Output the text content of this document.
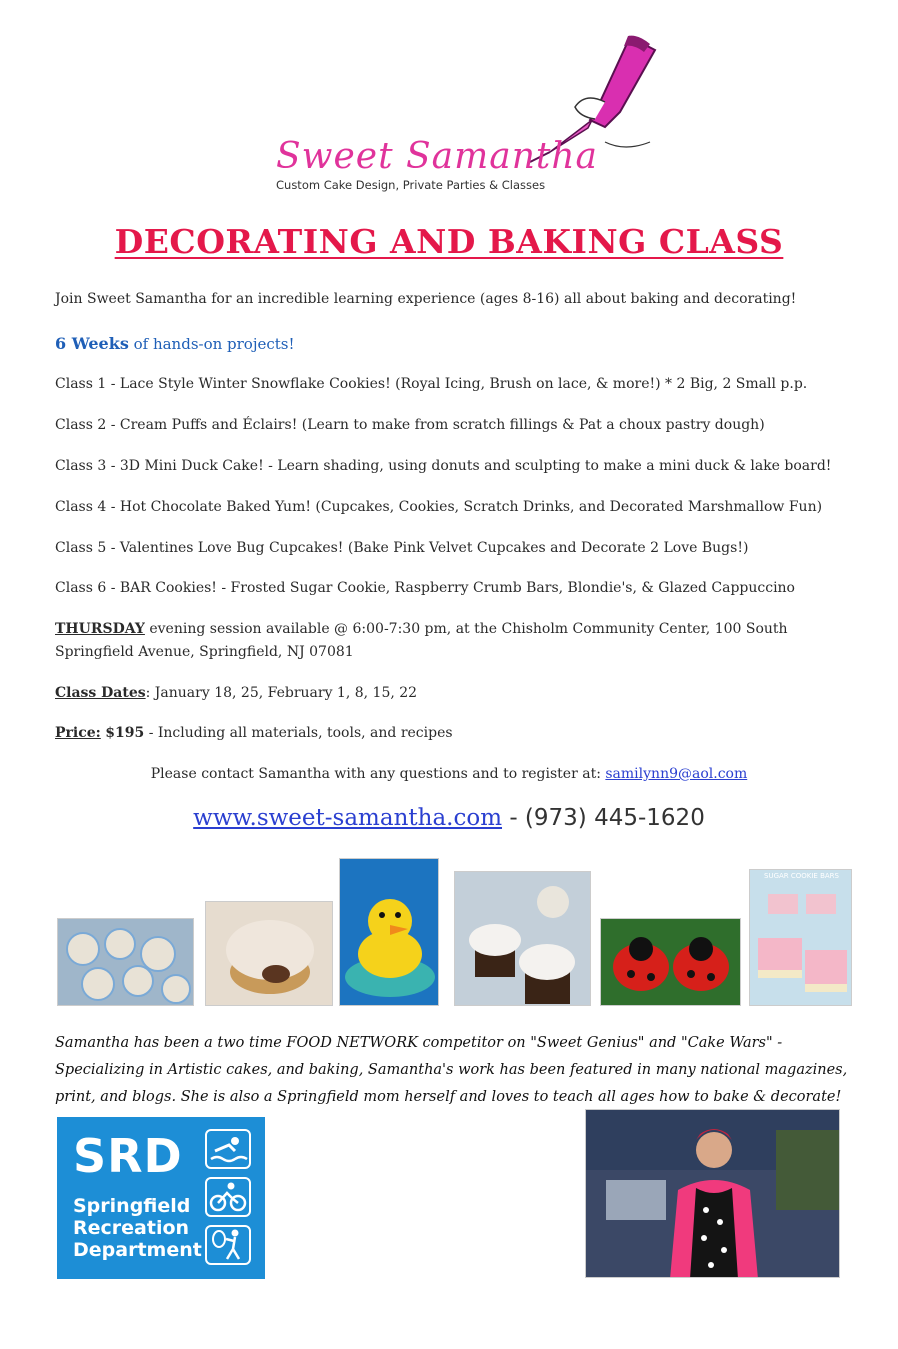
Sweet Samantha
Custom Cake Design, Private Parties & Classes
DECORATING AND BAKING CLASS
Join Sweet Samantha for an incredible learning experience (ages 8-16) all about baking and decorating!
6 Weeks of hands-on projects!
Class 1 - Lace Style Winter Snowflake Cookies! (Royal Icing, Brush on lace, & more!) * 2 Big, 2 Small p.p.
Class 2 - Cream Puffs and Éclairs! (Learn to make from scratch fillings & Pat a choux pastry dough)
Class 3 - 3D Mini Duck Cake! - Learn shading, using donuts and sculpting to make a mini duck & lake board!
Class 4 - Hot Chocolate Baked Yum! (Cupcakes, Cookies, Scratch Drinks, and Decorated Marshmallow Fun)
Class 5 - Valentines Love Bug Cupcakes! (Bake Pink Velvet Cupcakes and Decorate 2 Love Bugs!)
Class 6 - BAR Cookies! - Frosted Sugar Cookie, Raspberry Crumb Bars, Blondie's, & Glazed Cappuccino
THURSDAY evening session available @ 6:00-7:30 pm, at the Chisholm Community Center, 100 South Springfield Avenue, Springfield, NJ 07081
Class Dates: January 18, 25, February 1, 8, 15, 22
Price: $195 - Including all materials, tools, and recipes
Please contact Samantha with any questions and to register at: samilynn9@aol.com
www.sweet-samantha.com - (973) 445-1620
SUGAR COOKIE BARS
Samantha has been a two time FOOD NETWORK competitor on "Sweet Genius" and "Cake Wars" - Specializing in Artistic cakes, and baking, Samantha's work has been featured in many national magazines, print, and blogs. She is also a Springfield mom herself and loves to teach all ages how to bake & decorate!
SRD
Springfield
Recreation
Department
